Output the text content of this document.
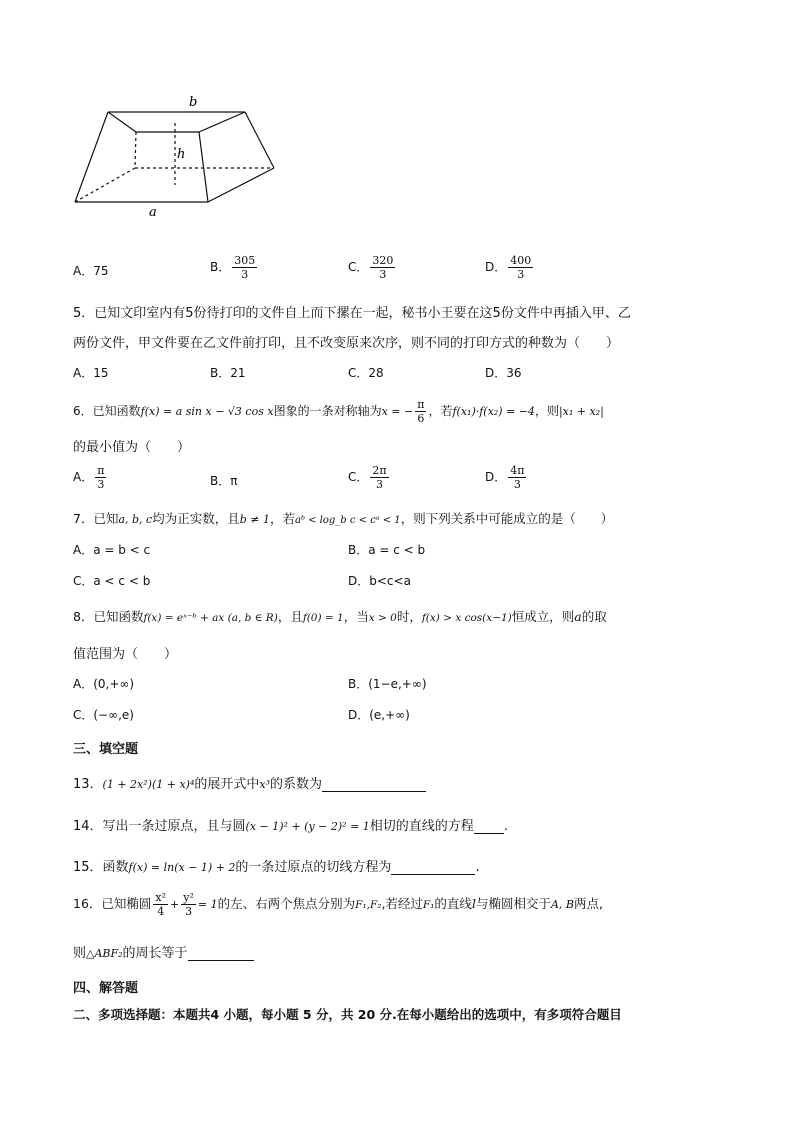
b
h
a
A．75	B． $\frac{305}{3}$	C． $\frac{320}{3}$	D． $\frac{400}{3}$
5．已知文印室内有5份待打印的文件自上而下摞在一起，秘书小王要在这5份文件中再插入甲、乙
两份文件，甲文件要在乙文件前打印，且不改变原来次序，则不同的打印方式的种数为（　　）
A．15	B．21	C．28	D．36
6．已知函数f(x) = a sin x − √3 cos x图象的一条对称轴为x = − $\frac{\pi}{6}$ ，若f(x₁)·f(x₂) = −4，则|x₁ + x₂|
的最小值为（　　）
A． $\frac{\pi}{3}$	B．π	C． $\frac{2\pi}{3}$	D． $\frac{4\pi}{3}$
7．已知a, b, c均为正实数，且b ≠ 1，若aᵇ < log_b c < cᵃ < 1，则下列关系中可能成立的是（　　）
A．a = b < c	B．a = c < b
C．a < c < b	D．b<c<a
8．已知函数f(x) = eˣ⁻ᵇ + ax (a, b ∈ R)，且f(0) = 1，当x > 0时，f(x) > x cos(x−1)恒成立，则a的取
值范围为（　　）
A．(0,+∞)	B．(1−e,+∞)
C．(−∞,e)	D．(e,+∞)
三、填空题
13．(1 + 2x²)(1 + x)⁴的展开式中x³的系数为
14．写出一条过原点，且与圆(x − 1)² + (y − 2)² = 1相切的直线的方程 .
15．函数f(x) = ln(x − 1) + 2的一条过原点的切线方程为	.
16．已知椭圆 $\frac{\text{x²}}{4} + \frac{\text{y²}}{3} = 1$的左、右两个焦点分别为F₁,F₂,若经过F₁的直线l与椭圆相交于A, B两点,
则△ABF₂的周长等于
四、解答题
二、多项选择题：本题共4 小题，每小题 5 分，共 20 分.在每小题给出的选项中，有多项符合题目
